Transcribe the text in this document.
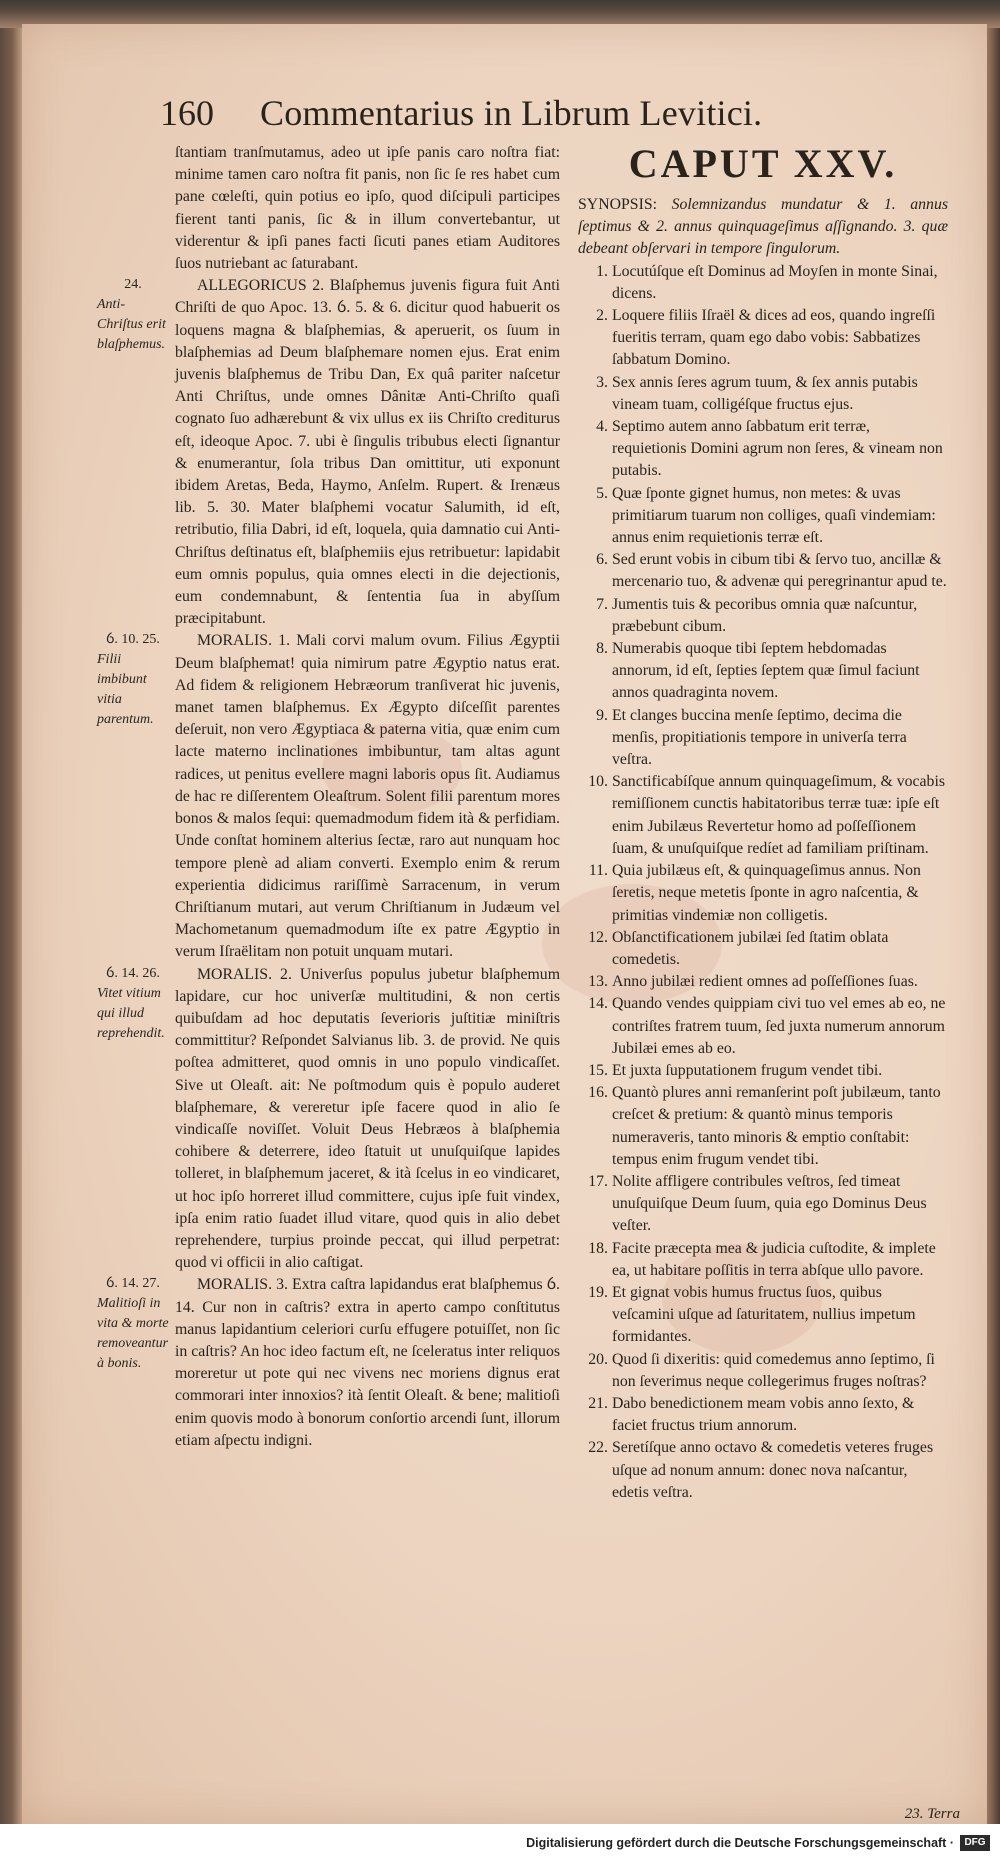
160	Commentarius in Librum Levitici.

ſtantiam tranſmutamus, adeo ut ipſe panis caro noſtra fiat: minime tamen caro noſtra fit panis, non ſic ſe res habet cum pane cœleſti, quin potius eo ipſo, quod diſcipuli participes fierent tanti panis, ſic & in illum convertebantur, ut viderentur & ipſi panes facti ſicuti panes etiam Auditores ſuos nutriebant ac ſaturabant.

24.
Anti-Chriſtus erit blaſphemus.

ALLEGORICUS 2. Blaſphemus juvenis figura fuit Anti Chriſti de quo Apoc. 13. ỽ. 5. & 6. dicitur quod habuerit os loquens magna & blaſphemias, & aperuerit, os ſuum in blaſphemias ad Deum blaſphemare nomen ejus. Erat enim juvenis blaſphemus de Tribu Dan, Ex quâ pariter naſcetur Anti Chriſtus, unde omnes Dânitæ Anti-Chriſto quaſi cognato ſuo adhærebunt & vix ullus ex iis Chriſto crediturus eſt, ideoque Apoc. 7. ubi è ſingulis tribubus electi ſignantur & enumerantur, ſola tribus Dan omittitur, uti exponunt ibidem Aretas, Beda, Haymo, Anſelm. Rupert. & Irenæus lib. 5. 30. Mater blaſphemi vocatur Salumith, id eſt, retributio, filia Dabri, id eſt, loquela, quia damnatio cui Anti-Chriſtus deſtinatus eſt, blaſphemiis ejus retribuetur: lapidabit eum omnis populus, quia omnes electi in die dejectionis, eum condemnabunt, & ſententia ſua in abyſſum præcipitabunt.

ỽ. 10. 25.
Filii imbibunt vitia parentum.

MORALIS. 1. Mali corvi malum ovum. Filius Ægyptii Deum blaſphemat! quia nimirum patre Ægyptio natus erat. Ad fidem & religionem Hebræorum tranſiverat hic juvenis, manet tamen blaſphemus. Ex Ægypto diſceſſit parentes deſeruit, non vero Ægyptiaca & paterna vitia, quæ enim cum lacte materno inclinationes imbibuntur, tam altas agunt radices, ut penitus evellere magni laboris opus ſit. Audiamus de hac re diſſerentem Oleaſtrum. Solent filii parentum mores bonos & malos ſequi: quemadmodum fidem ità & perfidiam. Unde conſtat hominem alterius ſectæ, raro aut nunquam hoc tempore plenè ad aliam converti. Exemplo enim & rerum experientia didicimus rariſſimè Sarracenum, in verum Chriſtianum mutari, aut verum Chriſtianum in Judæum vel Machometanum quemadmodum iſte ex patre Ægyptio in verum Iſraëlitam non potuit unquam mutari.

ỽ. 14. 26.
Vitet vitium qui illud reprehendit.

MORALIS. 2. Univerſus populus jubetur blaſphemum lapidare, cur hoc univerſæ multitudini, & non certis quibuſdam ad hoc deputatis ſeverioris juſtitiæ miniſtris committitur? Reſpondet Salvianus lib. 3. de provid. Ne quis poſtea admitteret, quod omnis in uno populo vindicaſſet. Sive ut Oleaſt. ait: Ne poſtmodum quis è populo auderet blaſphemare, & vereretur ipſe facere quod in alio ſe vindicaſſe noviſſet. Voluit Deus Hebræos à blaſphemia cohibere & deterrere, ideo ſtatuit ut unuſquiſque lapides tolleret, in blaſphemum jaceret, & ità ſcelus in eo vindicaret, ut hoc ipſo horreret illud committere, cujus ipſe fuit vindex, ipſa enim ratio ſuadet illud vitare, quod quis in alio debet reprehendere, turpius proinde peccat, qui illud perpetrat: quod vi officii in alio caſtigat.

ỽ. 14. 27.
Malitioſi in vita & morte removeantur à bonis.

MORALIS. 3. Extra caſtra lapidandus erat blaſphemus ỽ. 14. Cur non in caſtris? extra in aperto campo conſtitutus manus lapidantium celeriori curſu effugere potuiſſet, non ſic in caſtris? An hoc ideo factum eſt, ne ſceleratus inter reliquos moreretur ut pote qui nec vivens nec moriens dignus erat commorari inter innoxios? ità ſentit Oleaſt. & bene; malitioſi enim quovis modo à bonorum conſortio arcendi ſunt, illorum etiam aſpectu indigni.

CAPUT XXV.

SYNOPSIS: Solemnizandus mundatur & 1. annus ſeptimus & 2. annus quinquageſimus aſſignando. 3. quæ debeant obſervari in tempore ſingulorum.

1. Locutúſque eſt Dominus ad Moyſen in monte Sinai, dicens.
2. Loquere filiis Iſraël & dices ad eos, quando ingreſſi fueritis terram, quam ego dabo vobis: Sabbatizes ſabbatum Domino.
3. Sex annis ſeres agrum tuum, & ſex annis putabis vineam tuam, colligéſque fructus ejus.
4. Septimo autem anno ſabbatum erit terræ, requietionis Domini agrum non ſeres, & vineam non putabis.
5. Quæ ſponte gignet humus, non metes: & uvas primitiarum tuarum non colliges, quaſi vindemiam: annus enim requietionis terræ eſt.
6. Sed erunt vobis in cibum tibi & ſervo tuo, ancillæ & mercenario tuo, & advenæ qui peregrinantur apud te.
7. Jumentis tuis & pecoribus omnia quæ naſcuntur, præbebunt cibum.
8. Numerabis quoque tibi ſeptem hebdomadas annorum, id eſt, ſepties ſeptem quæ ſimul faciunt annos quadraginta novem.
9. Et clanges buccina menſe ſeptimo, decima die menſis, propitiationis tempore in univerſa terra veſtra.
10. Sanctificabíſque annum quinquageſimum, & vocabis remiſſionem cunctis habitatoribus terræ tuæ: ipſe eſt enim Jubilæus Revertetur homo ad poſſeſſionem ſuam, & unuſquiſque redíet ad familiam priſtinam.
11. Quia jubilæus eſt, & quinquageſimus annus. Non ſeretis, neque metetis ſponte in agro naſcentia, & primitias vindemiæ non colligetis.
12. Obſanctificationem jubilæi ſed ſtatim oblata comedetis.
13. Anno jubilæi redient omnes ad poſſeſſiones ſuas.
14. Quando vendes quippiam civi tuo vel emes ab eo, ne contriſtes fratrem tuum, ſed juxta numerum annorum Jubilæi emes ab eo.
15. Et juxta ſupputationem frugum vendet tibi.
16. Quantò plures anni remanſerint poſt jubilæum, tanto creſcet & pretium: & quantò minus temporis numeraveris, tanto minoris & emptio conſtabit: tempus enim frugum vendet tibi.
17. Nolite affligere contribules veſtros, ſed timeat unuſquiſque Deum ſuum, quia ego Dominus Deus veſter.
18. Facite præcepta mea & judicia cuſtodite, & implete ea, ut habitare poſſitis in terra abſque ullo pavore.
19. Et gignat vobis humus fructus ſuos, quibus veſcamini uſque ad ſaturitatem, nullius impetum formidantes.
20. Quod ſi dixeritis: quid comedemus anno ſeptimo, ſi non ſeverimus neque collegerimus fruges noſtras?
21. Dabo benedictionem meam vobis anno ſexto, & faciet fructus trium annorum.
22. Seretíſque anno octavo & comedetis veteres fruges uſque ad nonum annum: donec nova naſcantur, edetis veſtra.
23. Terra
Digitalisierung gefördert durch die Deutsche Forschungsgemeinschaft ·	DFG
